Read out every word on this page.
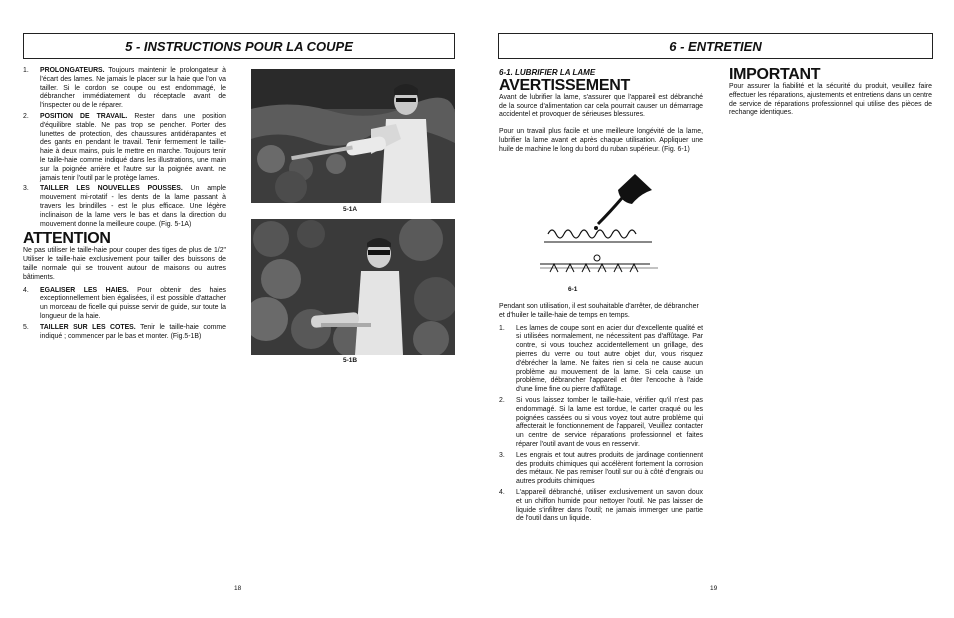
5 - INSTRUCTIONS POUR LA COUPE
1. PROLONGATEURS. Toujours maintenir le prolongateur à l'écart des lames. Ne jamais le placer sur la haie que l'on va tailler. Si le cordon se coupe ou est endommagé, le débrancher immédiatement du réceptacle avant de l'inspecter ou de le réparer.
2. POSITION DE TRAVAIL. Rester dans une position d'équilibre stable. Ne pas trop se pencher. Porter des lunettes de protection, des chaussures antidérapantes et des gants en pendant le travail. Tenir fermement le taille-haie à deux mains, puis le mettre en marche. Toujours tenir le taille-haie comme indiqué dans les illustrations, une main sur la poignée arrière et l'autre sur la poignée avant. ne jamais tenir l'outil par le protège lames.
3. TAILLER LES NOUVELLES POUSSES. Un ample mouvement mi-rotatif - les dents de la lame passant à travers les brindilles - est le plus efficace. Une légère inclinaison de la lame vers le bas et dans la direction du mouvement donne la meilleure coupe. (Fig. 5-1A)
ATTENTION

Ne pas utiliser le taille-haie pour couper des tiges de plus de 1/2" Utiliser le taille-haie exclusivement pour tailler des buissons de taille normale qui se trouvent autour de maisons ou autres bâtiments.

4. EGALISER LES HAIES. Pour obtenir des haies exceptionnellement bien égalisées, il est possible d'attacher un morceau de ficelle qui puisse servir de guide, sur toute la longueur de la haie.
5. TAILLER SUR LES COTES. Tenir le taille-haie comme indiqué ; commencer par le bas et monter. (Fig.5-1B)
5-1A
5-1B
18
6 - ENTRETIEN
6-1. LUBRIFIER LA LAME
AVERTISSEMENT

Avant de lubrifier la lame, s'assurer que l'appareil est débranché de la source d'alimentation car cela pourrait causer un démarrage accidentel et provoquer de sérieuses blessures.

Pour un travail plus facile et une meilleure longévité de la lame, lubrifier la lame avant et après chaque utilisation. Appliquer une huile de machine le long du bord du ruban supérieur. (Fig. 6-1)

6-1

Pendant son utilisation, il est souhaitable d'arrêter, de débrancher et d'huiler le taille-haie de temps en temps.

1. Les lames de coupe sont en acier dur d'excellente qualité et si utilisées normalement, ne nécessitent pas d'affûtage. Par contre, si vous touchez accidentellement un grillage, des pierres du verre ou tout autre objet dur, vous risquez d'ébrécher la lame. Ne faites rien si cela ne cause aucun problème au mouvement de la lame. Si cela cause un problème, débrancher l'appareil et ôter l'encoche à l'aide d'une lime fine ou pierre d'affûtage.
2. Si vous laissez tomber le taille-haie, vérifier qu'il n'est pas endommagé. Si la lame est tordue, le carter craqué ou les poignées cassées ou si vous voyez tout autre problème qui affecterait le fonctionnement de l'appareil, Veuillez contacter un centre de service réparations professionnel et faites réparer l'outil avant de vous en resservir.
3. Les engrais et tout autres produits de jardinage contiennent des produits chimiques qui accélèrent fortement la corrosion des métaux. Ne pas remiser l'outil sur ou à côté d'engrais ou autres produits chimiques
4. L'appareil débranché, utiliser exclusivement un savon doux et un chiffon humide pour nettoyer l'outil. Ne pas laisser de liquide s'infiltrer dans l'outil; ne jamais immerger une partie de l'outil dans un liquide.
IMPORTANT

Pour assurer la fiabilité et la sécurité du produit, veuillez faire effectuer les réparations, ajustements et entretiens dans un centre de service de réparations professionnel qui utilise des pièces de rechange identiques.

19
